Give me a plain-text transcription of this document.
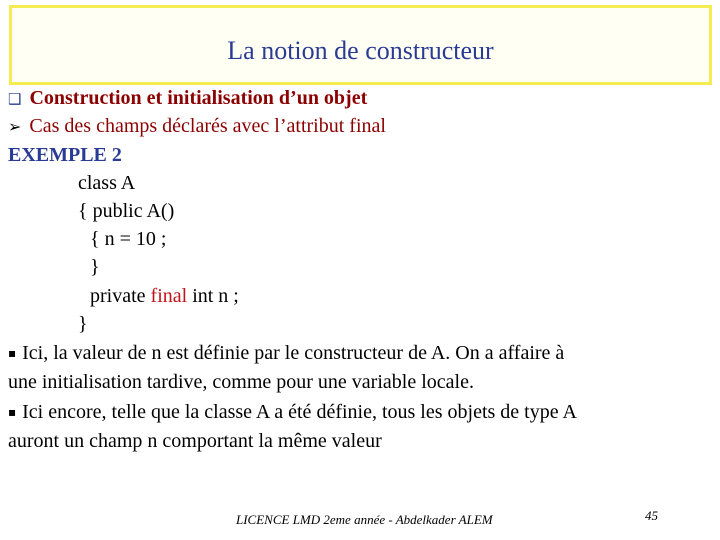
La notion de constructeur
❑ Construction et initialisation d’un objet
➢ Cas des champs déclarés avec l’attribut final
EXEMPLE 2
class A
{ public A()
{ n = 10 ;
}
private final int n ;
}
▪ Ici, la valeur de n est définie par le constructeur de A. On a affaire à
une initialisation tardive, comme pour une variable locale.
▪ Ici encore, telle que la classe A a été définie, tous les objets de type A
auront un champ n comportant la même valeur
LICENCE LMD 2eme année - Abdelkader ALEM	45
